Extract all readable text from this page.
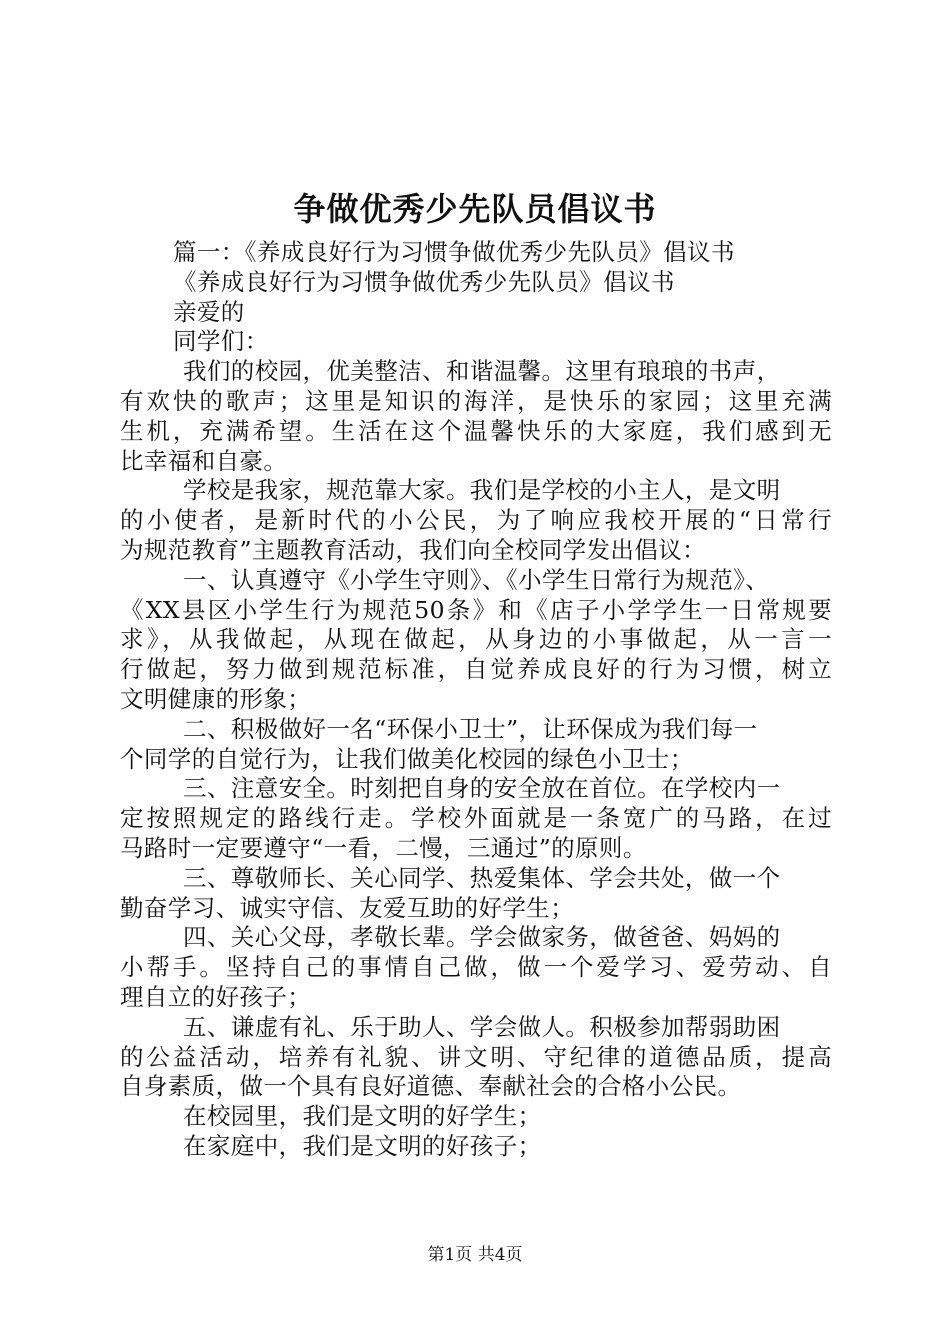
争做优秀少先队员倡议书

篇一：《养成良好行为习惯争做优秀少先队员》倡议书

《养成良好行为习惯争做优秀少先队员》倡议书

亲爱的

同学们：

我们的校园，优美整洁、和谐温馨。这里有琅琅的书声，

有欢快的歌声；这里是知识的海洋，是快乐的家园；这里充满

生机，充满希望。生活在这个温馨快乐的大家庭，我们感到无

比幸福和自豪。

学校是我家，规范靠大家。我们是学校的小主人，是文明

的小使者，是新时代的小公民，为了响应我校开展的“日常行

为规范教育”主题教育活动，我们向全校同学发出倡议：

一、认真遵守《小学生守则》、《小学生日常行为规范》、

《XX县区小学生行为规范50条》和《店子小学学生一日常规要

求》，从我做起，从现在做起，从身边的小事做起，从一言一

行做起，努力做到规范标准，自觉养成良好的行为习惯，树立

文明健康的形象；

二、积极做好一名“环保小卫士”，让环保成为我们每一

个同学的自觉行为，让我们做美化校园的绿色小卫士；

三、注意安全。时刻把自身的安全放在首位。在学校内一

定按照规定的路线行走。学校外面就是一条宽广的马路，在过

马路时一定要遵守“一看，二慢，三通过”的原则。

三、尊敬师长、关心同学、热爱集体、学会共处，做一个

勤奋学习、诚实守信、友爱互助的好学生；

四、关心父母，孝敬长辈。学会做家务，做爸爸、妈妈的

小帮手。坚持自己的事情自己做，做一个爱学习、爱劳动、自

理自立的好孩子；

五、谦虚有礼、乐于助人、学会做人。积极参加帮弱助困

的公益活动，培养有礼貌、讲文明、守纪律的道德品质，提高

自身素质，做一个具有良好道德、奉献社会的合格小公民。

在校园里，我们是文明的好学生；

在家庭中，我们是文明的好孩子；

第1页 共4页
